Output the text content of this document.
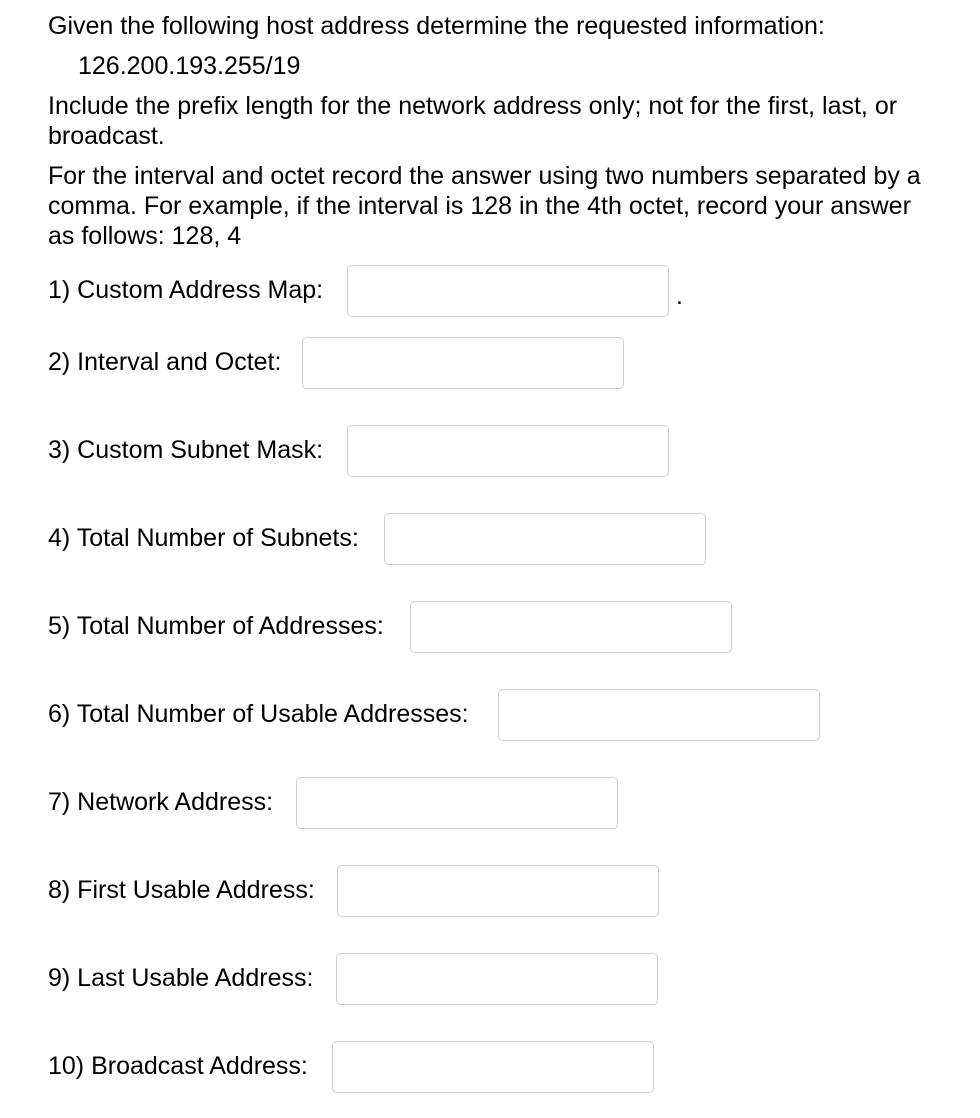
Given the following host address determine the requested information:
126.200.193.255/19
Include the prefix length for the network address only; not for the first, last, or broadcast.
For the interval and octet record the answer using two numbers separated by a comma. For example, if the interval is 128 in the 4th octet, record your answer as follows: 128, 4
1) Custom Address Map:	.
2) Interval and Octet:
3) Custom Subnet Mask:
4) Total Number of Subnets:
5) Total Number of Addresses:
6) Total Number of Usable Addresses:
7) Network Address:
8) First Usable Address:
9) Last Usable Address:
10) Broadcast Address:
